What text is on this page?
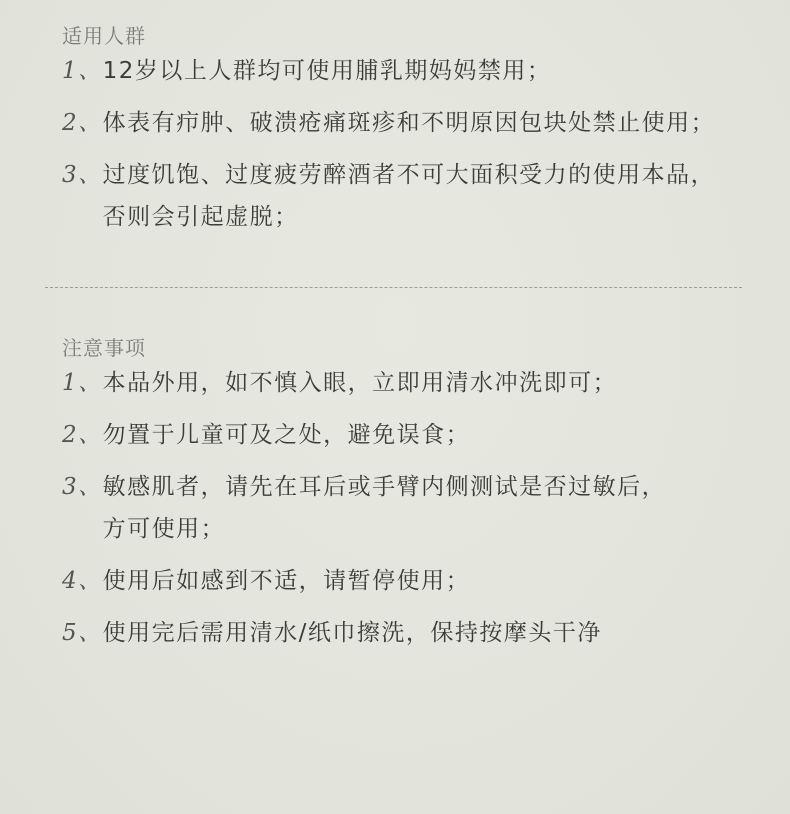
适用人群
1、 12岁以上人群均可使用脯乳期妈妈禁用；
2、 体表有疖肿、破溃疮痛斑疹和不明原因包块处禁止使用；
3、 过度饥饱、过度疲劳醉酒者不可大面积受力的使用本品，
否则会引起虚脱；
注意事项
1、 本品外用，如不慎入眼，立即用清水冲洗即可；
2、 勿置于儿童可及之处，避免误食；
3、 敏感肌者，请先在耳后或手臂内侧测试是否过敏后，
方可使用；
4、 使用后如感到不适，请暂停使用；
5、 使用完后需用清水/纸巾擦洗，保持按摩头干净
